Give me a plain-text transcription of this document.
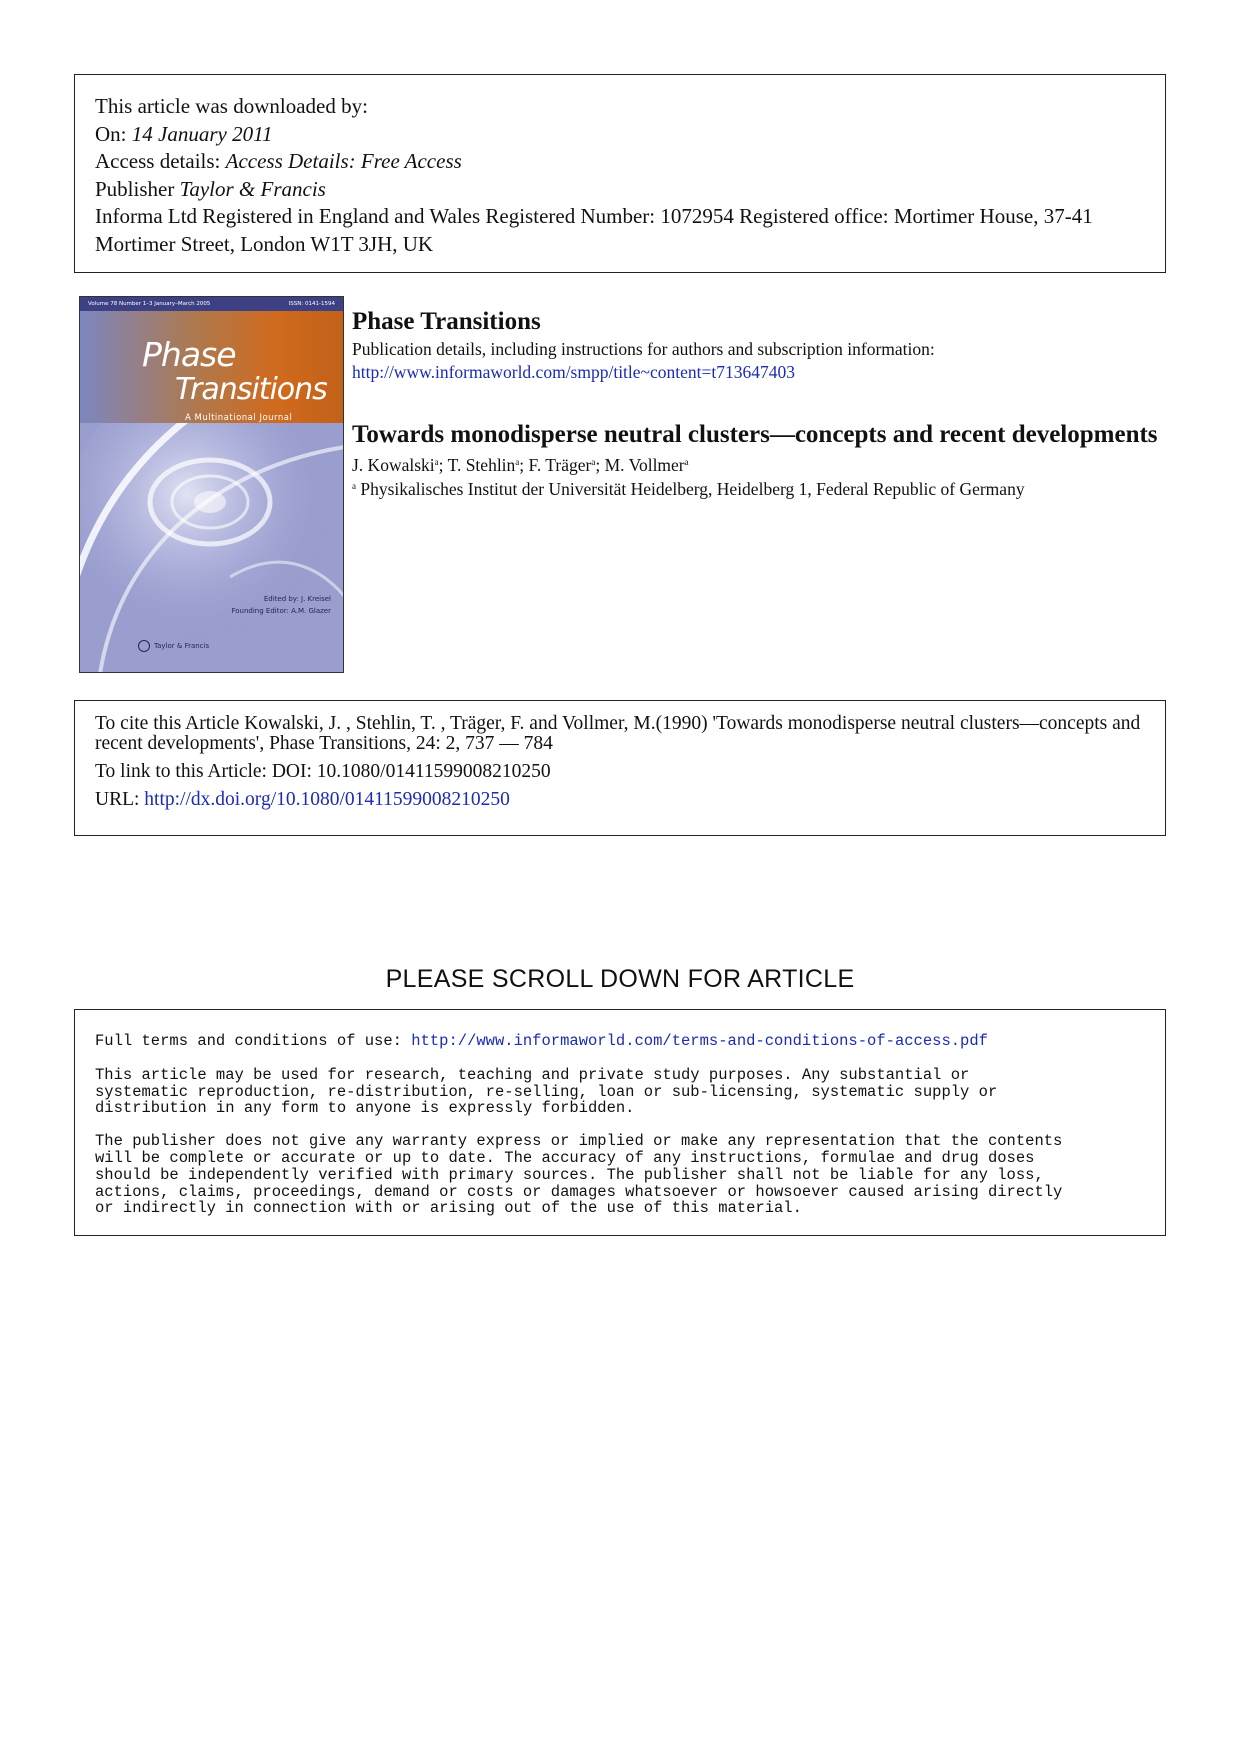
This article was downloaded by:
On: 14 January 2011
Access details: Access Details: Free Access
Publisher Taylor & Francis
Informa Ltd Registered in England and Wales Registered Number: 1072954 Registered office: Mortimer House, 37-41 Mortimer Street, London W1T 3JH, UK
Volume 78 Number 1–3 January–March 2005	ISSN: 0141-1594
Phase
Transitions
A Multinational Journal
Edited by: J. Kreisel
Founding Editor: A.M. Glazer
Taylor & Francis
Phase Transitions

Publication details, including instructions for authors and subscription information:

http://www.informaworld.com/smpp/title~content=t713647403

Towards monodisperse neutral clusters—concepts and recent developments

J. Kowalski$^a$; T. Stehlin$^a$; F. Träger$^a$; M. Vollmer$^a$

$^a$ Physikalisches Institut der Universität Heidelberg, Heidelberg 1, Federal Republic of Germany

To cite this Article Kowalski, J. , Stehlin, T. , Träger, F. and Vollmer, M.(1990) 'Towards monodisperse neutral clusters—concepts and recent developments', Phase Transitions, 24: 2, 737 — 784
To link to this Article: DOI: 10.1080/01411599008210250
URL: http://dx.doi.org/10.1080/01411599008210250
PLEASE SCROLL DOWN FOR ARTICLE

Full terms and conditions of use: http://www.informaworld.com/terms-and-conditions-of-access.pdf

This article may be used for research, teaching and private study purposes. Any substantial or
systematic reproduction, re-distribution, re-selling, loan or sub-licensing, systematic supply or
distribution in any form to anyone is expressly forbidden.

The publisher does not give any warranty express or implied or make any representation that the contents
will be complete or accurate or up to date. The accuracy of any instructions, formulae and drug doses
should be independently verified with primary sources. The publisher shall not be liable for any loss,
actions, claims, proceedings, demand or costs or damages whatsoever or howsoever caused arising directly
or indirectly in connection with or arising out of the use of this material.
